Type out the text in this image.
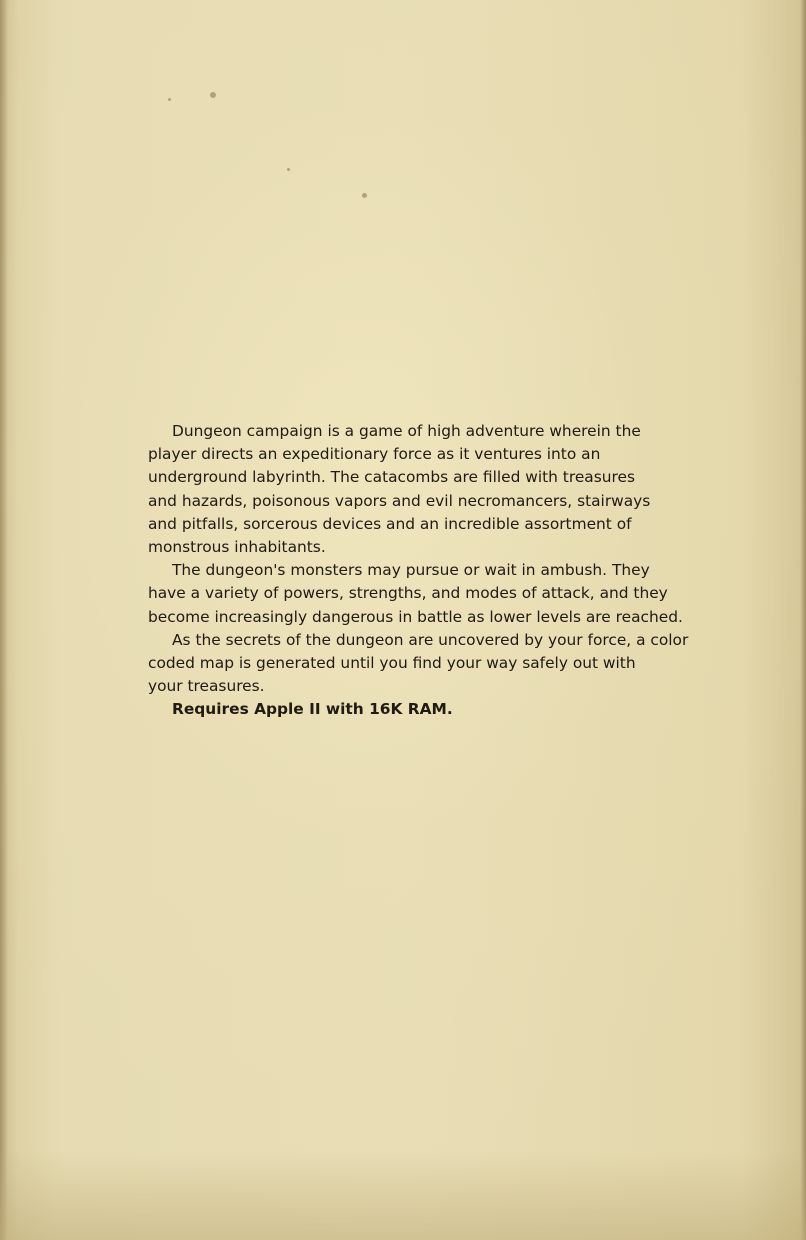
Dungeon campaign is a game of high adventure wherein the
player directs an expeditionary force as it ventures into an
underground labyrinth. The catacombs are filled with treasures
and hazards, poisonous vapors and evil necromancers, stairways
and pitfalls, sorcerous devices and an incredible assortment of
monstrous inhabitants.

The dungeon's monsters may pursue or wait in ambush. They
have a variety of powers, strengths, and modes of attack, and they
become increasingly dangerous in battle as lower levels are reached.

As the secrets of the dungeon are uncovered by your force, a color
coded map is generated until you find your way safely out with
your treasures.

Requires Apple II with 16K RAM.
